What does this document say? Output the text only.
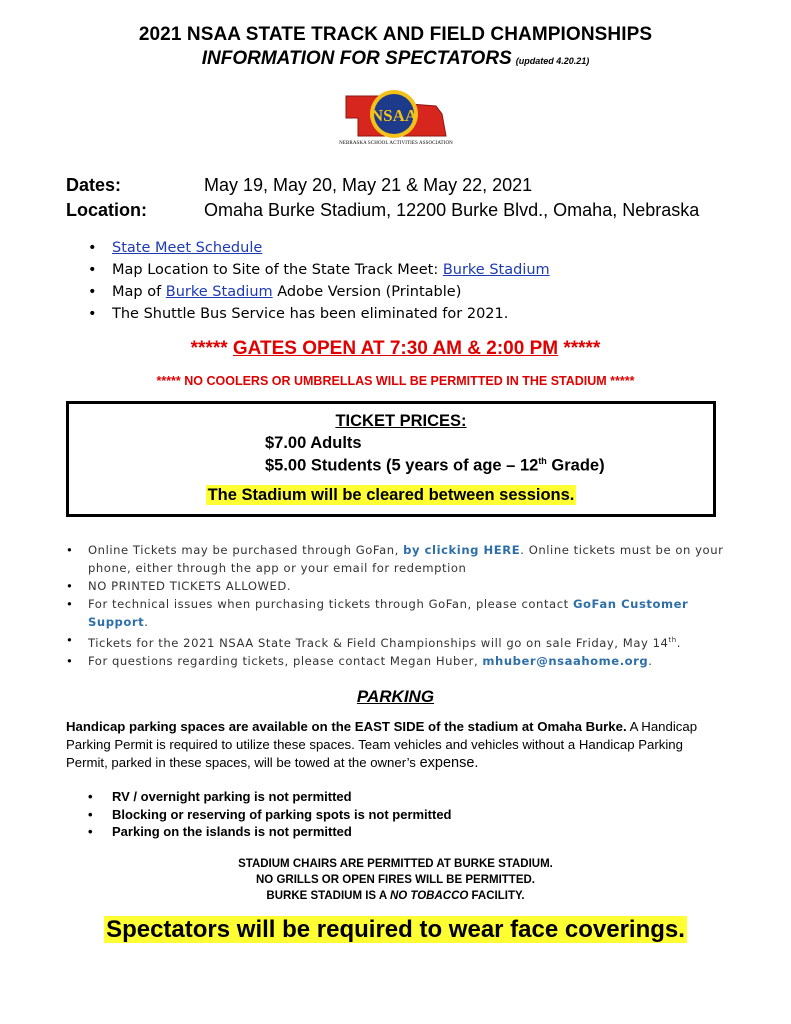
2021 NSAA STATE TRACK AND FIELD CHAMPIONSHIPS
INFORMATION FOR SPECTATORS (updated 4.20.21)
NSAA
NEBRASKA SCHOOL ACTIVITIES ASSOCIATION
Dates:	May 19, May 20, May 21 & May 22, 2021
Location:	Omaha Burke Stadium, 12200 Burke Blvd., Omaha, Nebraska
• State Meet Schedule
• Map Location to Site of the State Track Meet: Burke Stadium
• Map of Burke Stadium Adobe Version (Printable)
• The Shuttle Bus Service has been eliminated for 2021.
***** GATES OPEN AT 7:30 AM & 2:00 PM *****
***** NO COOLERS OR UMBRELLAS WILL BE PERMITTED IN THE STADIUM *****
TICKET PRICES:
$7.00 Adults
$5.00 Students (5 years of age – 12th Grade)
The Stadium will be cleared between sessions.
• Online Tickets may be purchased through GoFan, by clicking HERE. Online tickets must be on your phone, either through the app or your email for redemption
• NO PRINTED TICKETS ALLOWED.
• For technical issues when purchasing tickets through GoFan, please contact GoFan Customer Support.
• Tickets for the 2021 NSAA State Track & Field Championships will go on sale Friday, May 14th.
• For questions regarding tickets, please contact Megan Huber, mhuber@nsaahome.org.
PARKING
Handicap parking spaces are available on the EAST SIDE of the stadium at Omaha Burke. A Handicap Parking Permit is required to utilize these spaces. Team vehicles and vehicles without a Handicap Parking Permit, parked in these spaces, will be towed at the owner’s expense.
• RV / overnight parking is not permitted
• Blocking or reserving of parking spots is not permitted
• Parking on the islands is not permitted
STADIUM CHAIRS ARE PERMITTED AT BURKE STADIUM.
NO GRILLS OR OPEN FIRES WILL BE PERMITTED.
BURKE STADIUM IS A NO TOBACCO FACILITY.
Spectators will be required to wear face coverings.
